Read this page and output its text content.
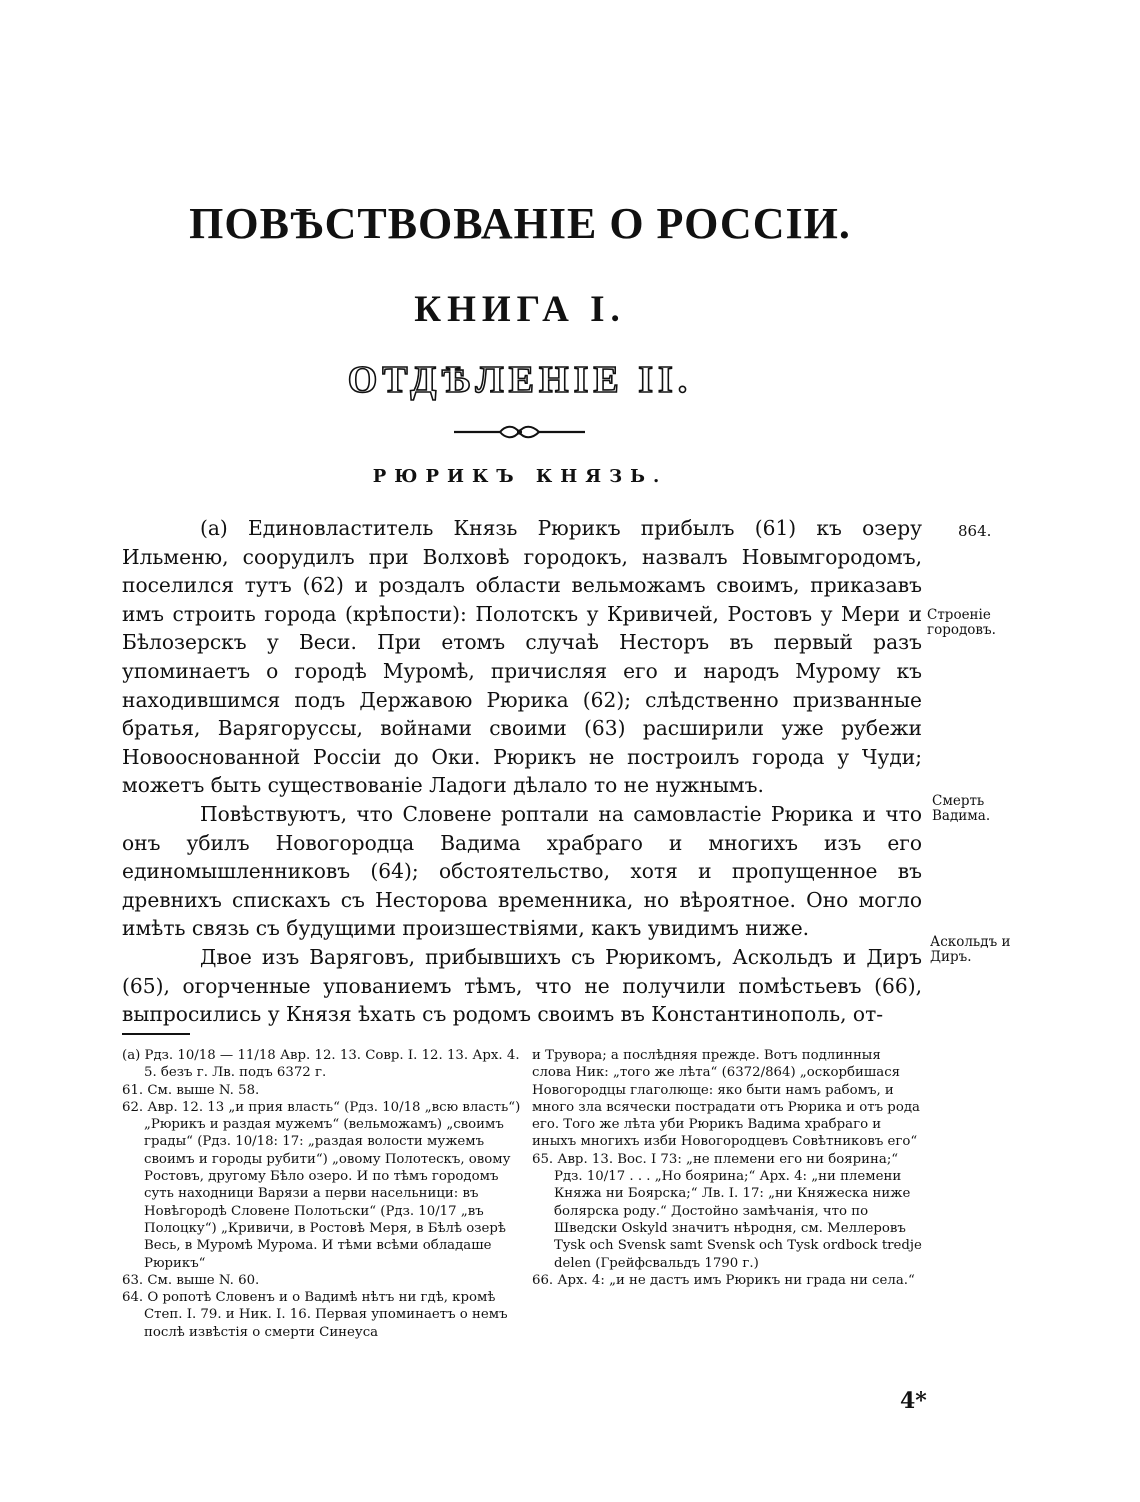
ПОВѢСТВОВАНІЕ О РОССІИ.
КНИГА I.
ОТДѢЛЕНІЕ II.
РЮРИКЪ КНЯЗЬ.

(а) Единовластитель Князь Рюрикъ прибылъ (61) къ озеру Ильменю, соорудилъ при Волховѣ городокъ, назвалъ Новымгородомъ, поселился тутъ (62) и роздалъ области вельможамъ своимъ, приказавъ имъ строить города (крѣпости): Полотскъ у Кривичей, Ростовъ у Мери и Бѣлозерскъ у Веси. При етомъ случаѣ Несторъ въ первый разъ упоминаетъ о городѣ Муромѣ, причисляя его и народъ Мурому къ находившимся подъ Державою Рюрика (62); слѣдственно призванные братья, Варягоруссы, войнами своими (63) расширили уже рубежи Новооснованной Россіи до Оки. Рюрикъ не построилъ города у Чуди; можетъ быть существованіе Ладоги дѣлало то не нужнымъ.

Повѣствуютъ, что Словене роптали на самовластіе Рюрика и что онъ убилъ Новогородца Вадима храбраго и многихъ изъ его единомышленниковъ (64); обстоятельство, хотя и пропущенное въ древнихъ спискахъ съ Несторова временника, но вѣроятное. Оно могло имѣть связь съ будущими произшествіями, какъ увидимъ ниже.

Двое изъ Варяговъ, прибывшихъ съ Рюрикомъ, Аскольдъ и Диръ (65), огорченные упованиемъ тѣмъ, что не получили помѣстьевъ (66), выпросились у Князя ѣхать съ родомъ своимъ въ Константинополь, от-

864.
Строеніе городовъ.
Смерть Вадима.
Аскольдъ и Диръ.

(а) Рдз. 10/18 — 11/18 Авр. 12. 13. Совр. I. 12. 13. Арх. 4. 5. безъ г. Лв. подъ 6372 г.

61. См. выше N. 58.

62. Авр. 12. 13 „и прия власть“ (Рдз. 10/18 „всю власть“) „Рюрикъ и раздая мужемъ“ (вельможамъ) „своимъ грады“ (Рдз. 10/18: 17: „раздая волости мужемъ своимъ и городы рубити“) „овому Полотескъ, овому Ростовъ, другому Бѣло озеро. И по тѣмъ городомъ суть находници Варязи а перви насельници: въ Новѣгородѣ Словене Полотьски“ (Рдз. 10/17 „въ Полоцку“) „Кривичи, в Ростовѣ Меря, в Бѣлѣ озерѣ Весь, в Муромѣ Мурома. И тѣми всѣми обладаше Рюрикъ“

63. См. выше N. 60.

64. О ропотѣ Словенъ и о Вадимѣ нѣтъ ни гдѣ, кромѣ Степ. I. 79. и Ник. I. 16. Первая упоминаетъ о немъ послѣ извѣстія о смерти Синеуса

и Трувора; а послѣдняя прежде. Вотъ подлинныя слова Ник: „того же лѣта“ (6372/864) „оскорбишася Новогородцы глаголюще: яко быти намъ рабомъ, и много зла всячески пострадати отъ Рюрика и отъ рода его. Того же лѣта уби Рюрикъ Вадима храбраго и иныхъ многихъ изби Новогородцевъ Совѣтниковъ его“

65. Авр. 13. Вос. I 73: „не племени его ни боярина;“ Рдз. 10/17 . . . „Но боярина;“ Арх. 4: „ни племени Княжа ни Боярска;“ Лв. I. 17: „ни Княжеска ниже болярска роду.“ Достойно замѣчанія, что по Шведски Oskyld значитъ нѣродня, см. Меллеровъ Tysk och Svensk samt Svensk och Tysk ordbock tredje delen (Грейфсвальдъ 1790 г.)

66. Арх. 4: „и не дастъ имъ Рюрикъ ни града ни села.“

4*
